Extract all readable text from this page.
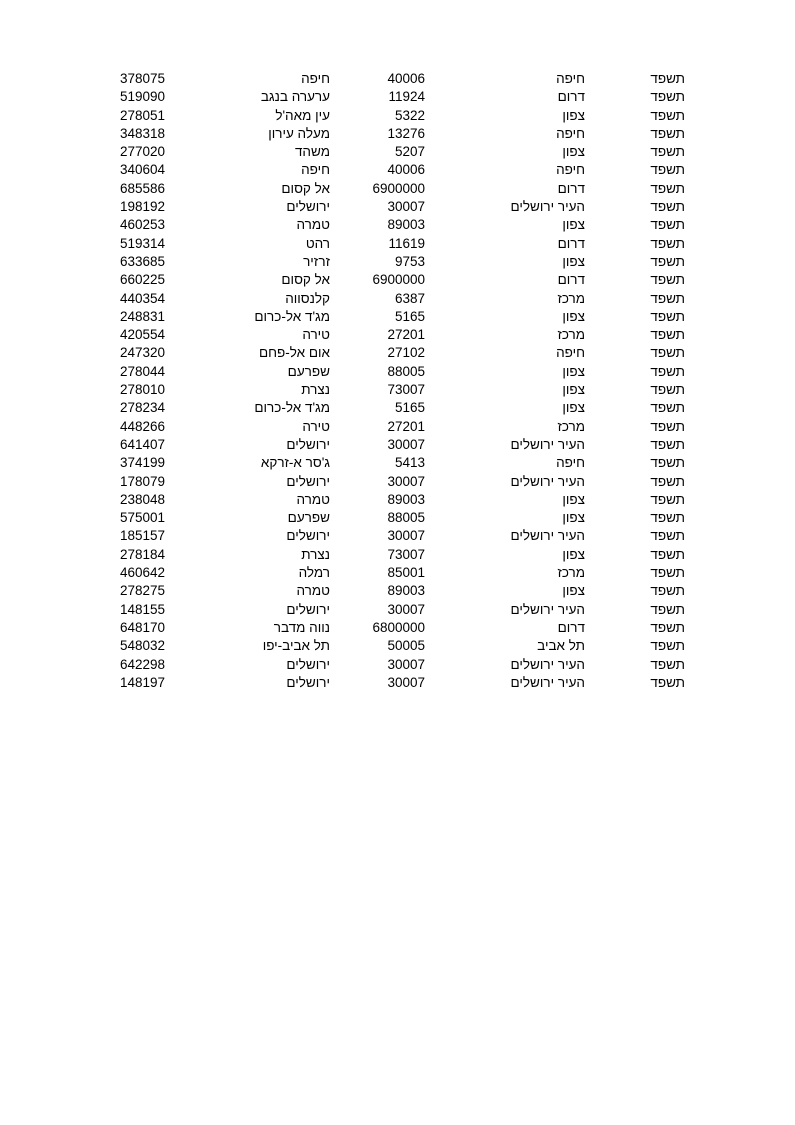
תשפד	חיפה	40006	חיפה	378075
תשפד	דרום	11924	ערערה בנגב	519090
תשפד	צפון	5322	עין מאה'ל	278051
תשפד	חיפה	13276	מעלה עירון	348318
תשפד	צפון	5207	משהד	277020
תשפד	חיפה	40006	חיפה	340604
תשפד	דרום	6900000	אל קסום	685586
תשפד	העיר ירושלים	30007	ירושלים	198192
תשפד	צפון	89003	טמרה	460253
תשפד	דרום	11619	רהט	519314
תשפד	צפון	9753	זרזיר	633685
תשפד	דרום	6900000	אל קסום	660225
תשפד	מרכז	6387	קלנסווה	440354
תשפד	צפון	5165	מג'ד אל-כרום	248831
תשפד	מרכז	27201	טירה	420554
תשפד	חיפה	27102	אום אל-פחם	247320
תשפד	צפון	88005	שפרעם	278044
תשפד	צפון	73007	נצרת	278010
תשפד	צפון	5165	מג'ד אל-כרום	278234
תשפד	מרכז	27201	טירה	448266
תשפד	העיר ירושלים	30007	ירושלים	641407
תשפד	חיפה	5413	ג'סר א-זרקא	374199
תשפד	העיר ירושלים	30007	ירושלים	178079
תשפד	צפון	89003	טמרה	238048
תשפד	צפון	88005	שפרעם	575001
תשפד	העיר ירושלים	30007	ירושלים	185157
תשפד	צפון	73007	נצרת	278184
תשפד	מרכז	85001	רמלה	460642
תשפד	צפון	89003	טמרה	278275
תשפד	העיר ירושלים	30007	ירושלים	148155
תשפד	דרום	6800000	נווה מדבר	648170
תשפד	תל אביב	50005	תל אביב-יפו	548032
תשפד	העיר ירושלים	30007	ירושלים	642298
תשפד	העיר ירושלים	30007	ירושלים	148197
